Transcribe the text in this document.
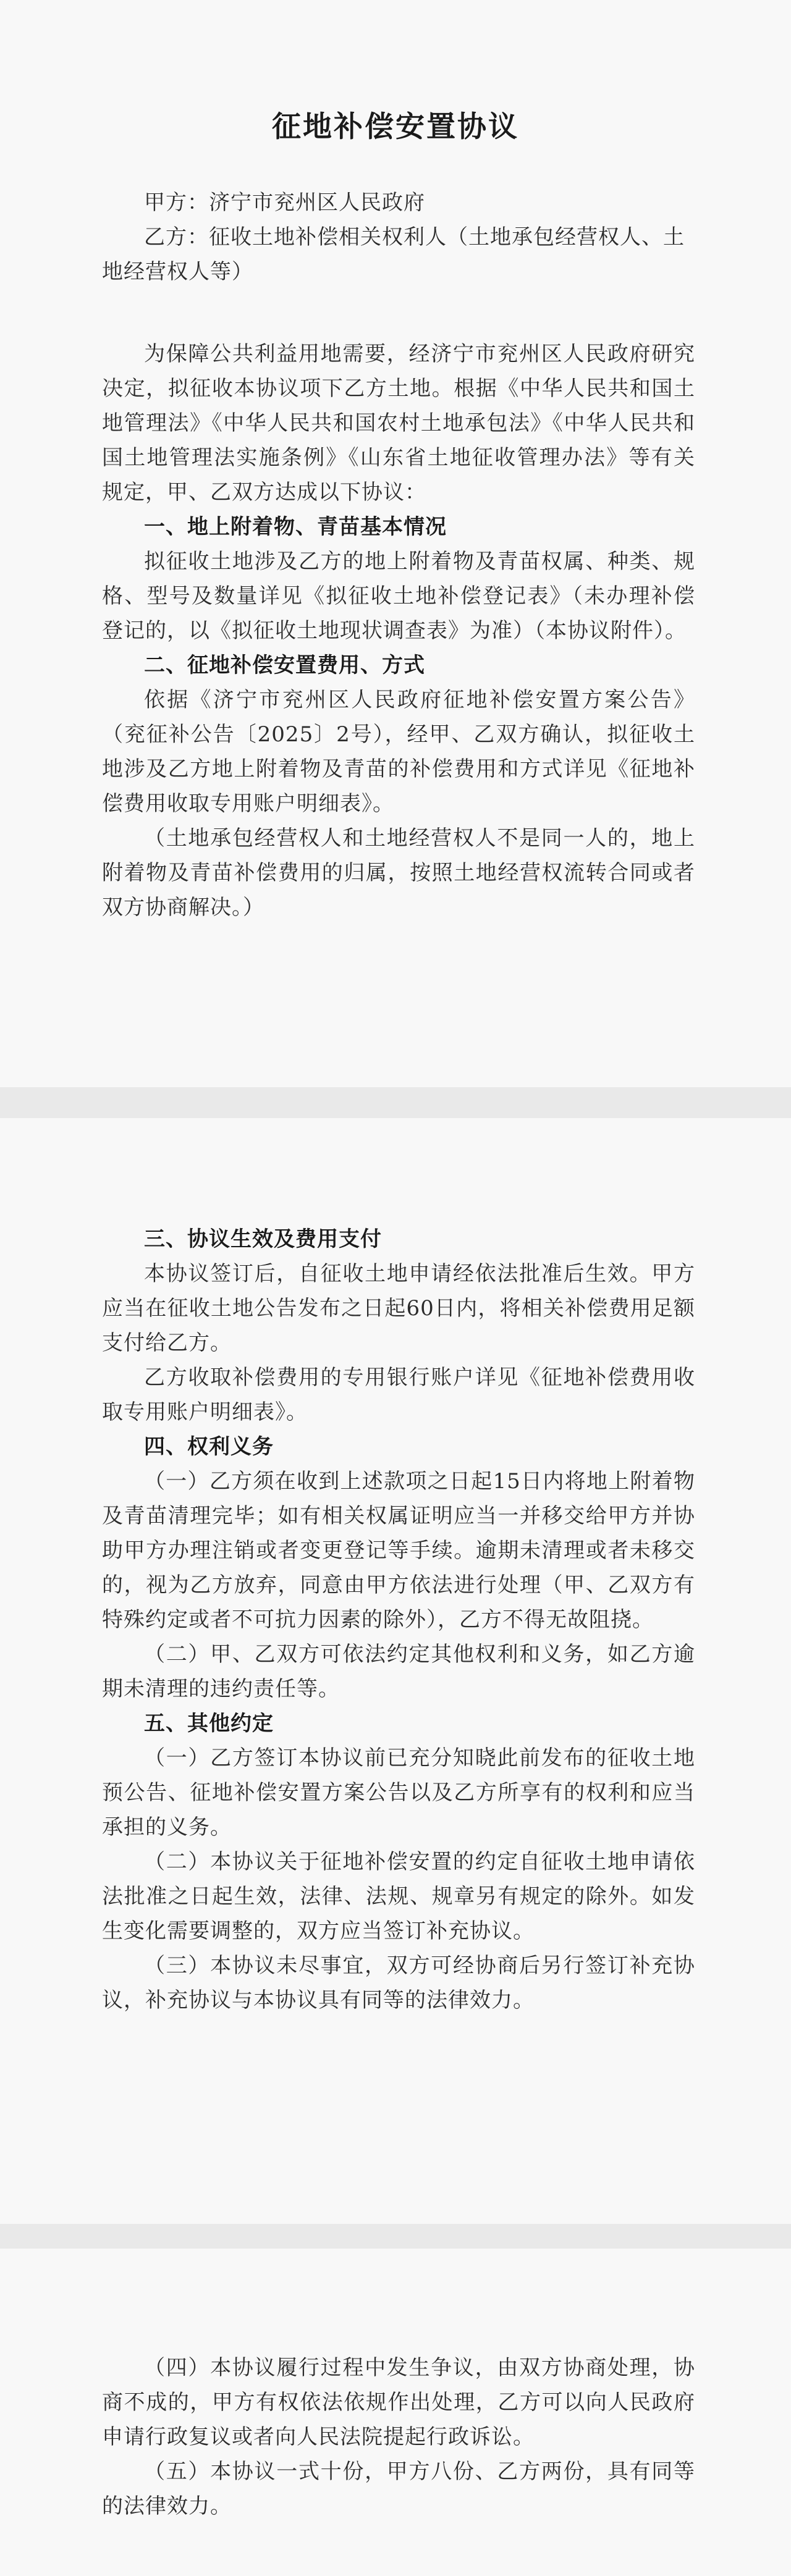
征地补偿安置协议

甲方：济宁市兖州区人民政府

乙方：征收土地补偿相关权利人（土地承包经营权人、土地经营权人等）

为保障公共利益用地需要，经济宁市兖州区人民政府研究决定，拟征收本协议项下乙方土地。根据《中华人民共和国土地管理法》《中华人民共和国农村土地承包法》《中华人民共和国土地管理法实施条例》《山东省土地征收管理办法》等有关规定，甲、乙双方达成以下协议：

一、地上附着物、青苗基本情况

拟征收土地涉及乙方的地上附着物及青苗权属、种类、规格、型号及数量详见《拟征收土地补偿登记表》（未办理补偿登记的，以《拟征收土地现状调查表》为准）（本协议附件）。

二、征地补偿安置费用、方式

依据《济宁市兖州区人民政府征地补偿安置方案公告》（兖征补公告〔2025〕2号），经甲、乙双方确认，拟征收土地涉及乙方地上附着物及青苗的补偿费用和方式详见《征地补偿费用收取专用账户明细表》。

（土地承包经营权人和土地经营权人不是同一人的，地上附着物及青苗补偿费用的归属，按照土地经营权流转合同或者双方协商解决。）

三、协议生效及费用支付

本协议签订后，自征收土地申请经依法批准后生效。甲方应当在征收土地公告发布之日起60日内，将相关补偿费用足额支付给乙方。

乙方收取补偿费用的专用银行账户详见《征地补偿费用收取专用账户明细表》。

四、权利义务

（一）乙方须在收到上述款项之日起15日内将地上附着物及青苗清理完毕；如有相关权属证明应当一并移交给甲方并协助甲方办理注销或者变更登记等手续。逾期未清理或者未移交的，视为乙方放弃，同意由甲方依法进行处理（甲、乙双方有特殊约定或者不可抗力因素的除外），乙方不得无故阻挠。

（二）甲、乙双方可依法约定其他权利和义务，如乙方逾期未清理的违约责任等。

五、其他约定

（一）乙方签订本协议前已充分知晓此前发布的征收土地预公告、征地补偿安置方案公告以及乙方所享有的权利和应当承担的义务。

（二）本协议关于征地补偿安置的约定自征收土地申请依法批准之日起生效，法律、法规、规章另有规定的除外。如发生变化需要调整的，双方应当签订补充协议。

（三）本协议未尽事宜，双方可经协商后另行签订补充协议，补充协议与本协议具有同等的法律效力。

（四）本协议履行过程中发生争议，由双方协商处理，协商不成的，甲方有权依法依规作出处理，乙方可以向人民政府申请行政复议或者向人民法院提起行政诉讼。

（五）本协议一式十份，甲方八份、乙方两份，具有同等的法律效力。
